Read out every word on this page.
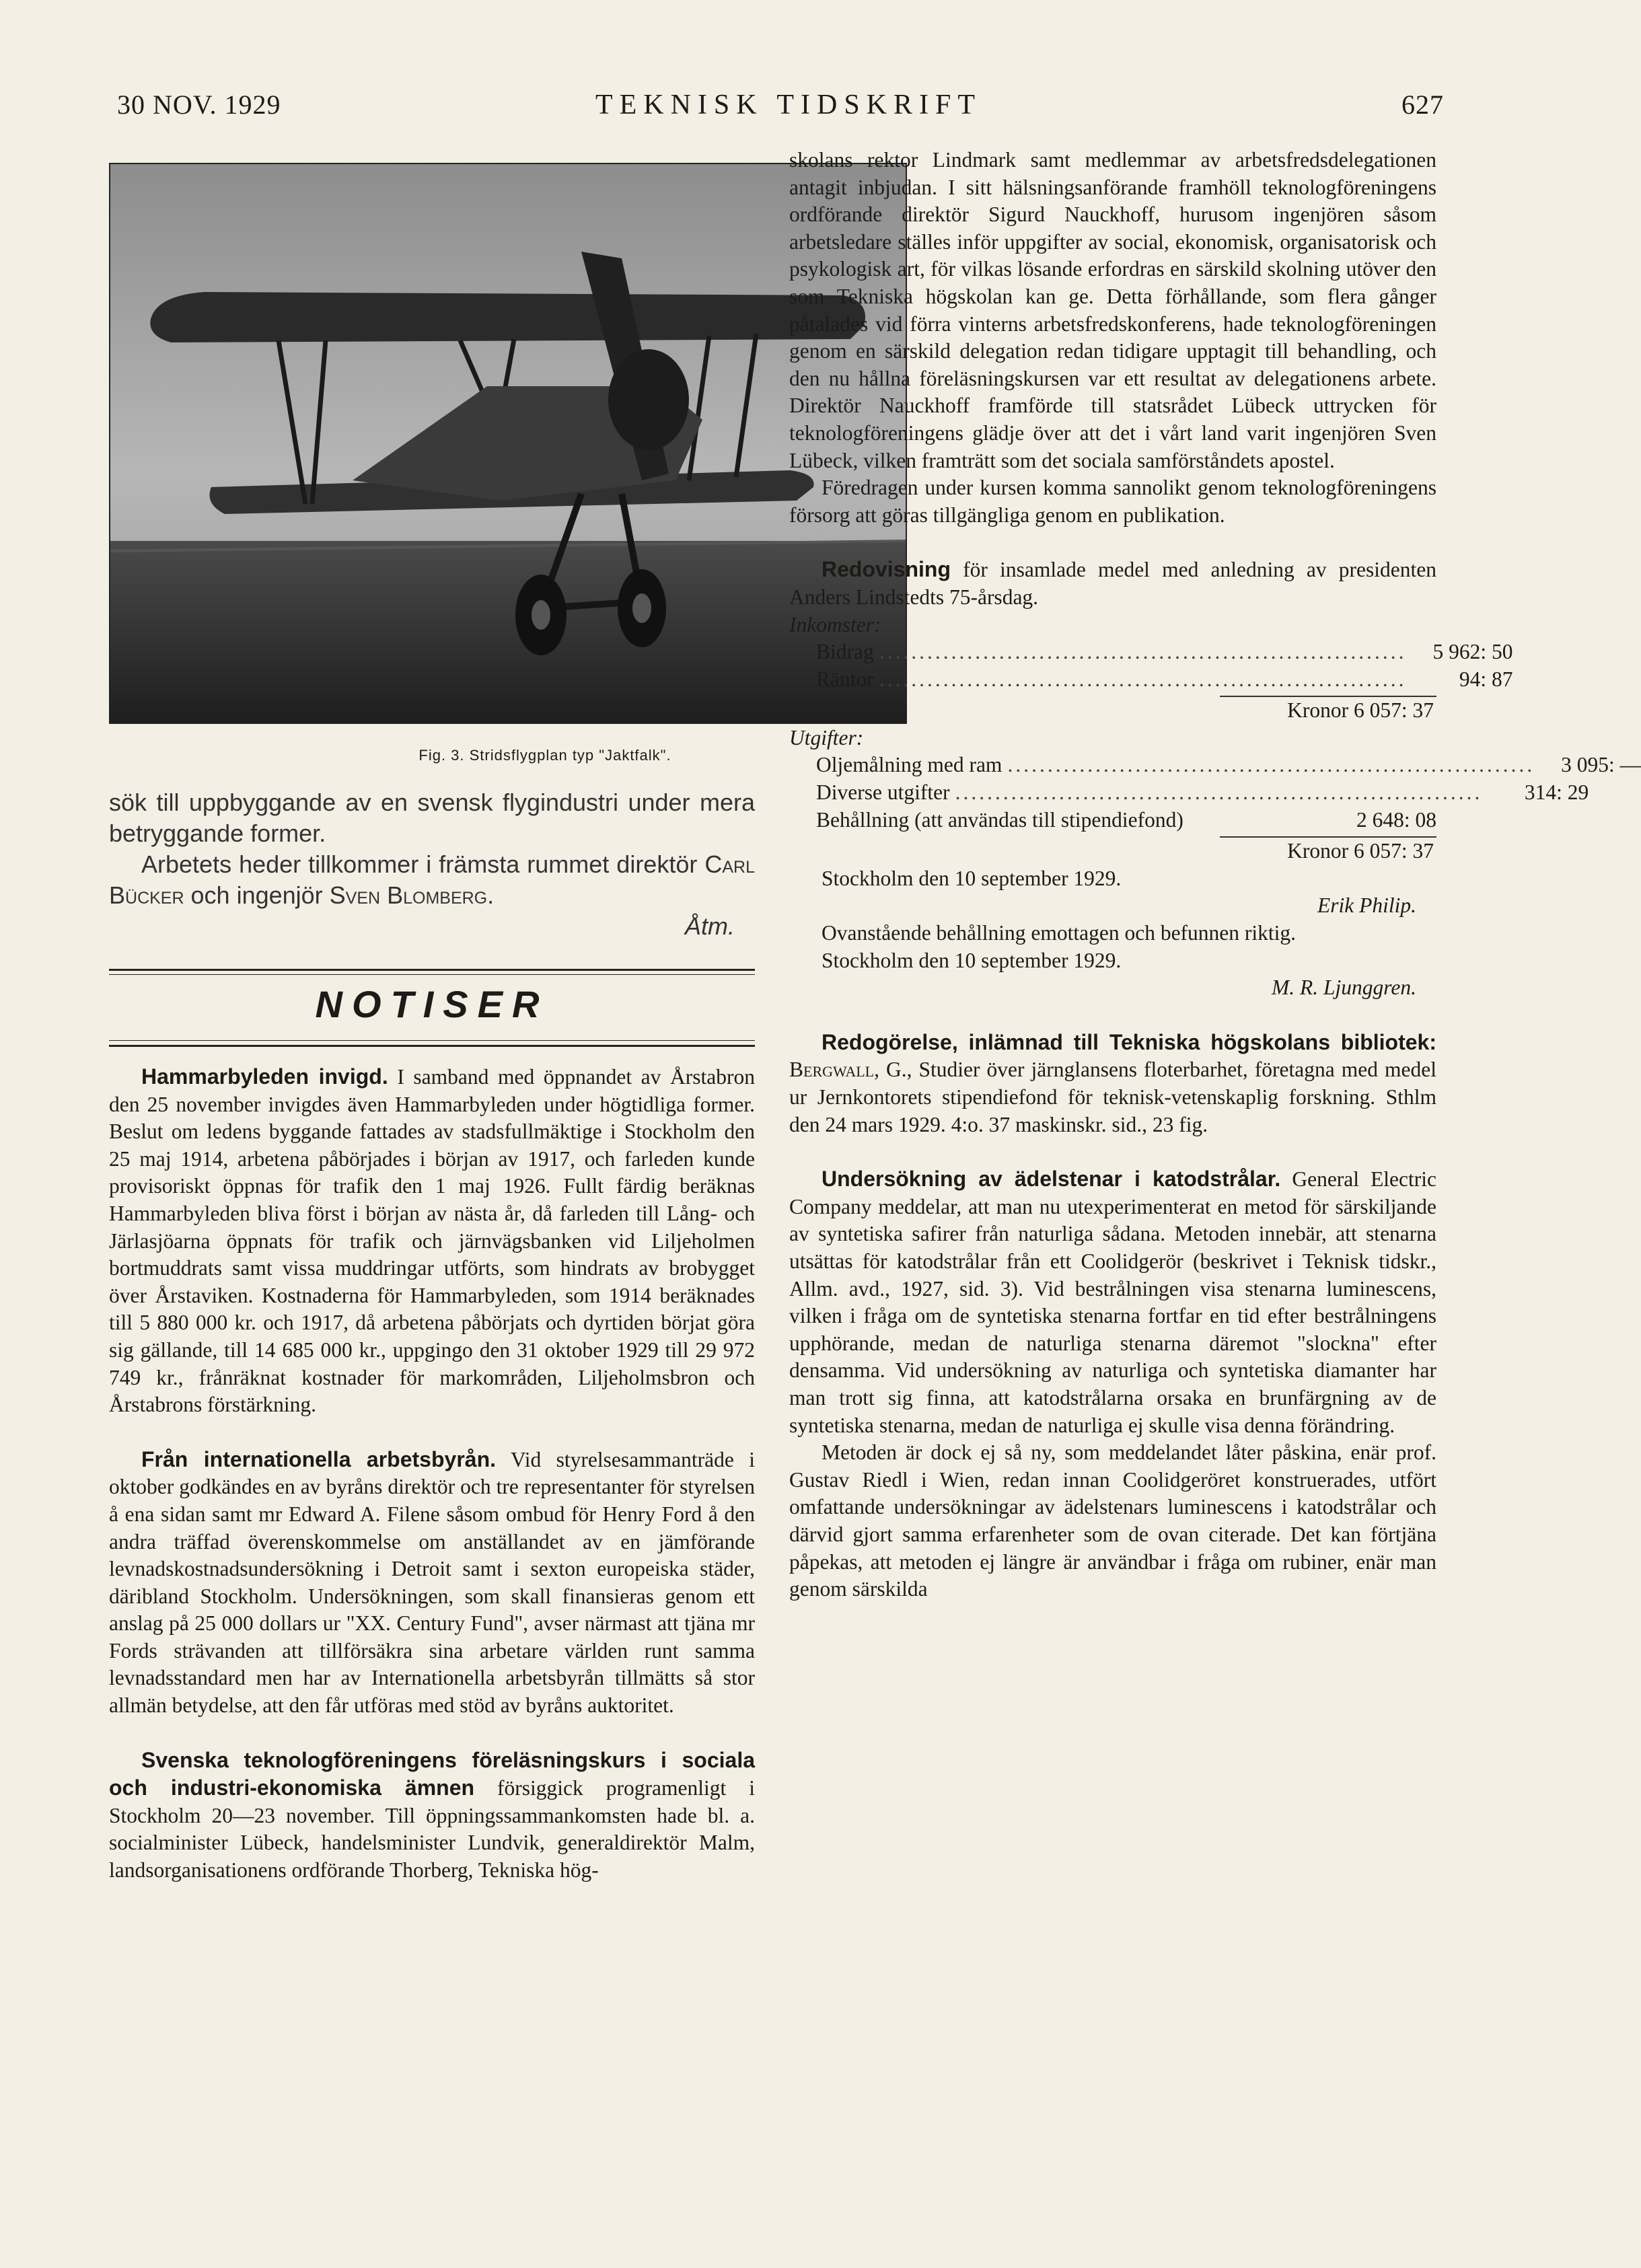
30 NOV. 1929	TEKNISK TIDSKRIFT	627
Fig. 3. Stridsflygplan typ "Jaktfalk".

sök till uppbyggande av en svensk flygindustri under mera betryggande former.

Arbetets heder tillkommer i främsta rummet direktör Carl Bücker och ingenjör Sven Blomberg.

Åtm.

NOTISER

Hammarbyleden invigd. I samband med öppnandet av Årstabron den 25 november invigdes även Hammarbyleden under högtidliga former. Beslut om ledens byggande fattades av stadsfullmäktige i Stockholm den 25 maj 1914, arbetena påbörjades i början av 1917, och farleden kunde provisoriskt öppnas för trafik den 1 maj 1926. Fullt färdig beräknas Hammarbyleden bliva först i början av nästa år, då farleden till Lång- och Järlasjöarna öppnats för trafik och järnvägsbanken vid Liljeholmen bortmuddrats samt vissa muddringar utförts, som hindrats av brobygget över Årstaviken. Kostnaderna för Hammarbyleden, som 1914 beräknades till 5 880 000 kr. och 1917, då arbetena påbörjats och dyrtiden börjat göra sig gällande, till 14 685 000 kr., uppgingo den 31 oktober 1929 till 29 972 749 kr., frånräknat kostnader för markområden, Liljeholmsbron och Årstabrons förstärkning.

Från internationella arbetsbyrån. Vid styrelsesammanträde i oktober godkändes en av byråns direktör och tre representanter för styrelsen å ena sidan samt mr Edward A. Filene såsom ombud för Henry Ford å den andra träffad överenskommelse om anställandet av en jämförande levnadskostnadsundersökning i Detroit samt i sexton europeiska städer, däribland Stockholm. Undersökningen, som skall finansieras genom ett anslag på 25 000 dollars ur "XX. Century Fund", avser närmast att tjäna mr Fords strävanden att tillförsäkra sina arbetare världen runt samma levnadsstandard men har av Internationella arbetsbyrån tillmätts så stor allmän betydelse, att den får utföras med stöd av byråns auktoritet.

Svenska teknologföreningens föreläsningskurs i sociala och industri-ekonomiska ämnen försiggick programenligt i Stockholm 20—23 november. Till öppningssammankomsten hade bl. a. socialminister Lübeck, handelsminister Lundvik, generaldirektör Malm, landsorganisationens ordförande Thorberg, Tekniska hög-

skolans rektor Lindmark samt medlemmar av arbetsfredsdelegationen antagit inbjudan. I sitt hälsningsanförande framhöll teknologföreningens ordförande direktör Sigurd Nauckhoff, hurusom ingenjören såsom arbetsledare ställes inför uppgifter av social, ekonomisk, organisatorisk och psykologisk art, för vilkas lösande erfordras en särskild skolning utöver den som Tekniska högskolan kan ge. Detta förhållande, som flera gånger påtalades vid förra vinterns arbetsfredskonferens, hade teknologföreningen genom en särskild delegation redan tidigare upptagit till behandling, och den nu hållna föreläsningskursen var ett resultat av delegationens arbete. Direktör Nauckhoff framförde till statsrådet Lübeck uttrycken för teknologföreningens glädje över att det i vårt land varit ingenjören Sven Lübeck, vilken framträtt som det sociala samförståndets apostel.

Föredragen under kursen komma sannolikt genom teknologföreningens försorg att göras tillgängliga genom en publikation.

Redovisning för insamlade medel med anledning av presidenten Anders Lindstedts 75-årsdag.

Inkomster:

Bidrag ..................................................................	5 962: 50
Räntor ..................................................................	94: 87
Kronor 6 057: 37

Utgifter:

Oljemålning med ram ..................................................................	3 095: —
Diverse utgifter ..................................................................	314: 29
Behållning (att användas till stipendiefond)	2 648: 08
Kronor 6 057: 37

Stockholm den 10 september 1929.

Erik Philip.

Ovanstående behållning emottagen och befunnen riktig.

Stockholm den 10 september 1929.

M. R. Ljunggren.

Redogörelse, inlämnad till Tekniska högskolans bibliotek: Bergwall, G., Studier över järnglansens floterbarhet, företagna med medel ur Jernkontorets stipendiefond för teknisk-vetenskaplig forskning. Sthlm den 24 mars 1929. 4:o. 37 maskinskr. sid., 23 fig.

Undersökning av ädelstenar i katodstrålar. General Electric Company meddelar, att man nu utexperimenterat en metod för särskiljande av syntetiska safirer från naturliga sådana. Metoden innebär, att stenarna utsättas för katodstrålar från ett Coolidgerör (beskrivet i Teknisk tidskr., Allm. avd., 1927, sid. 3). Vid bestrålningen visa stenarna luminescens, vilken i fråga om de syntetiska stenarna fortfar en tid efter bestrålningens upphörande, medan de naturliga stenarna däremot "slockna" efter densamma. Vid undersökning av naturliga och syntetiska diamanter har man trott sig finna, att katodstrålarna orsaka en brunfärgning av de syntetiska stenarna, medan de naturliga ej skulle visa denna förändring.

Metoden är dock ej så ny, som meddelandet låter påskina, enär prof. Gustav Riedl i Wien, redan innan Coolidgeröret konstruerades, utfört omfattande undersökningar av ädelstenars luminescens i katodstrålar och därvid gjort samma erfarenheter som de ovan citerade. Det kan förtjäna påpekas, att metoden ej längre är användbar i fråga om rubiner, enär man genom särskilda
